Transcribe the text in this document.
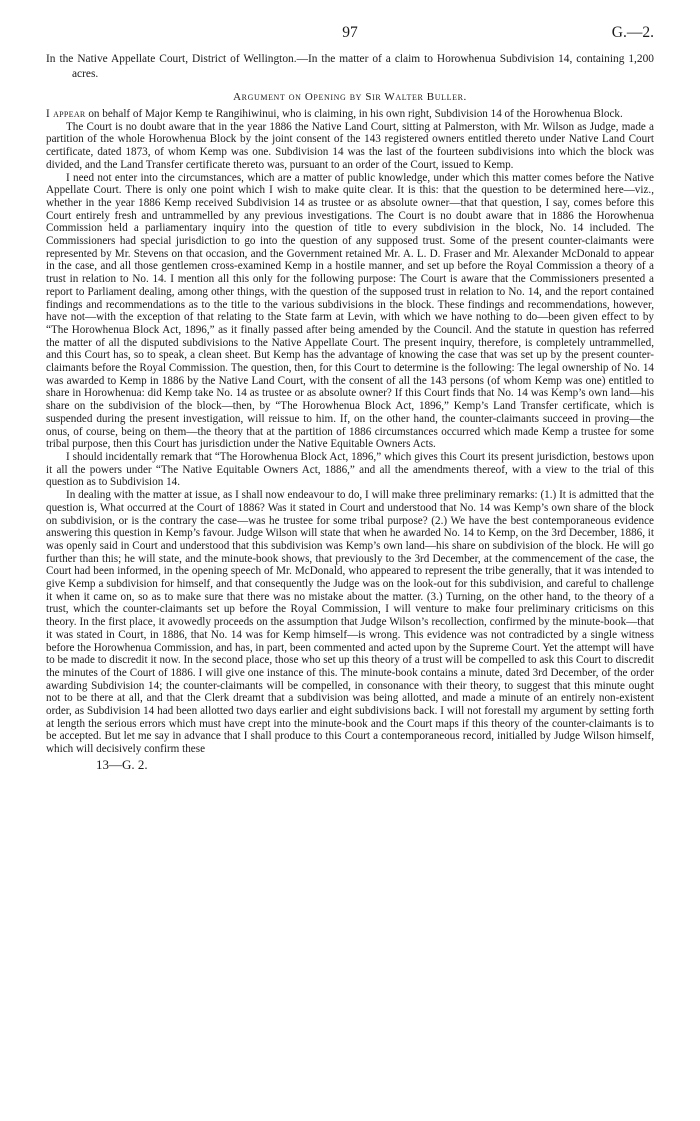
97	G.—2.

In the Native Appellate Court, District of Wellington.—In the matter of a claim to Horowhenua Subdivision 14, containing 1,200 acres.

Argument on Opening by Sir Walter Buller.

I appear on behalf of Major Kemp te Rangihiwinui, who is claiming, in his own right, Subdivision 14 of the Horowhenua Block.

The Court is no doubt aware that in the year 1886 the Native Land Court, sitting at Palmerston, with Mr. Wilson as Judge, made a partition of the whole Horowhenua Block by the joint consent of the 143 registered owners entitled thereto under Native Land Court certificate, dated 1873, of whom Kemp was one. Subdivision 14 was the last of the fourteen subdivisions into which the block was divided, and the Land Transfer certificate thereto was, pursuant to an order of the Court, issued to Kemp.

I need not enter into the circumstances, which are a matter of public knowledge, under which this matter comes before the Native Appellate Court. There is only one point which I wish to make quite clear. It is this: that the question to be determined here—viz., whether in the year 1886 Kemp received Subdivision 14 as trustee or as absolute owner—that that question, I say, comes before this Court entirely fresh and untrammelled by any previous investigations. The Court is no doubt aware that in 1886 the Horowhenua Commission held a parliamentary inquiry into the question of title to every subdivision in the block, No. 14 included. The Commissioners had special jurisdiction to go into the question of any supposed trust. Some of the present counter-claimants were represented by Mr. Stevens on that occasion, and the Government retained Mr. A. L. D. Fraser and Mr. Alexander McDonald to appear in the case, and all those gentlemen cross-examined Kemp in a hostile manner, and set up before the Royal Commission a theory of a trust in relation to No. 14. I mention all this only for the following purpose: The Court is aware that the Commissioners presented a report to Parliament dealing, among other things, with the question of the supposed trust in relation to No. 14, and the report contained findings and recommendations as to the title to the various subdivisions in the block. These findings and recommendations, however, have not—with the exception of that relating to the State farm at Levin, with which we have nothing to do—been given effect to by “The Horowhenua Block Act, 1896,” as it finally passed after being amended by the Council. And the statute in question has referred the matter of all the disputed subdivisions to the Native Appellate Court. The present inquiry, therefore, is completely untrammelled, and this Court has, so to speak, a clean sheet. But Kemp has the advantage of knowing the case that was set up by the present counter-claimants before the Royal Commission. The question, then, for this Court to determine is the following: The legal ownership of No. 14 was awarded to Kemp in 1886 by the Native Land Court, with the consent of all the 143 persons (of whom Kemp was one) entitled to share in Horowhenua: did Kemp take No. 14 as trustee or as absolute owner? If this Court finds that No. 14 was Kemp’s own land—his share on the subdivision of the block—then, by “The Horowhenua Block Act, 1896,” Kemp’s Land Transfer certificate, which is suspended during the present investigation, will reissue to him. If, on the other hand, the counter-claimants succeed in proving—the onus, of course, being on them—the theory that at the partition of 1886 circumstances occurred which made Kemp a trustee for some tribal purpose, then this Court has jurisdiction under the Native Equitable Owners Acts.

I should incidentally remark that “The Horowhenua Block Act, 1896,” which gives this Court its present jurisdiction, bestows upon it all the powers under “The Native Equitable Owners Act, 1886,” and all the amendments thereof, with a view to the trial of this question as to Subdivision 14.

In dealing with the matter at issue, as I shall now endeavour to do, I will make three preliminary remarks: (1.) It is admitted that the question is, What occurred at the Court of 1886? Was it stated in Court and understood that No. 14 was Kemp’s own share of the block on subdivision, or is the contrary the case—was he trustee for some tribal purpose? (2.) We have the best contemporaneous evidence answering this question in Kemp’s favour. Judge Wilson will state that when he awarded No. 14 to Kemp, on the 3rd December, 1886, it was openly said in Court and understood that this subdivision was Kemp’s own land—his share on subdivision of the block. He will go further than this; he will state, and the minute-book shows, that previously to the 3rd December, at the commencement of the case, the Court had been informed, in the opening speech of Mr. McDonald, who appeared to represent the tribe generally, that it was intended to give Kemp a subdivision for himself, and that consequently the Judge was on the look-out for this subdivision, and careful to challenge it when it came on, so as to make sure that there was no mistake about the matter. (3.) Turning, on the other hand, to the theory of a trust, which the counter-claimants set up before the Royal Commission, I will venture to make four preliminary criticisms on this theory. In the first place, it avowedly proceeds on the assumption that Judge Wilson’s recollection, confirmed by the minute-book—that it was stated in Court, in 1886, that No. 14 was for Kemp himself—is wrong. This evidence was not contradicted by a single witness before the Horowhenua Commission, and has, in part, been commented and acted upon by the Supreme Court. Yet the attempt will have to be made to discredit it now. In the second place, those who set up this theory of a trust will be compelled to ask this Court to discredit the minutes of the Court of 1886. I will give one instance of this. The minute-book contains a minute, dated 3rd December, of the order awarding Subdivision 14; the counter-claimants will be compelled, in consonance with their theory, to suggest that this minute ought not to be there at all, and that the Clerk dreamt that a subdivision was being allotted, and made a minute of an entirely non-existent order, as Subdivision 14 had been allotted two days earlier and eight subdivisions back. I will not forestall my argument by setting forth at length the serious errors which must have crept into the minute-book and the Court maps if this theory of the counter-claimants is to be accepted. But let me say in advance that I shall produce to this Court a contemporaneous record, initialled by Judge Wilson himself, which will decisively confirm these

13—G. 2.
